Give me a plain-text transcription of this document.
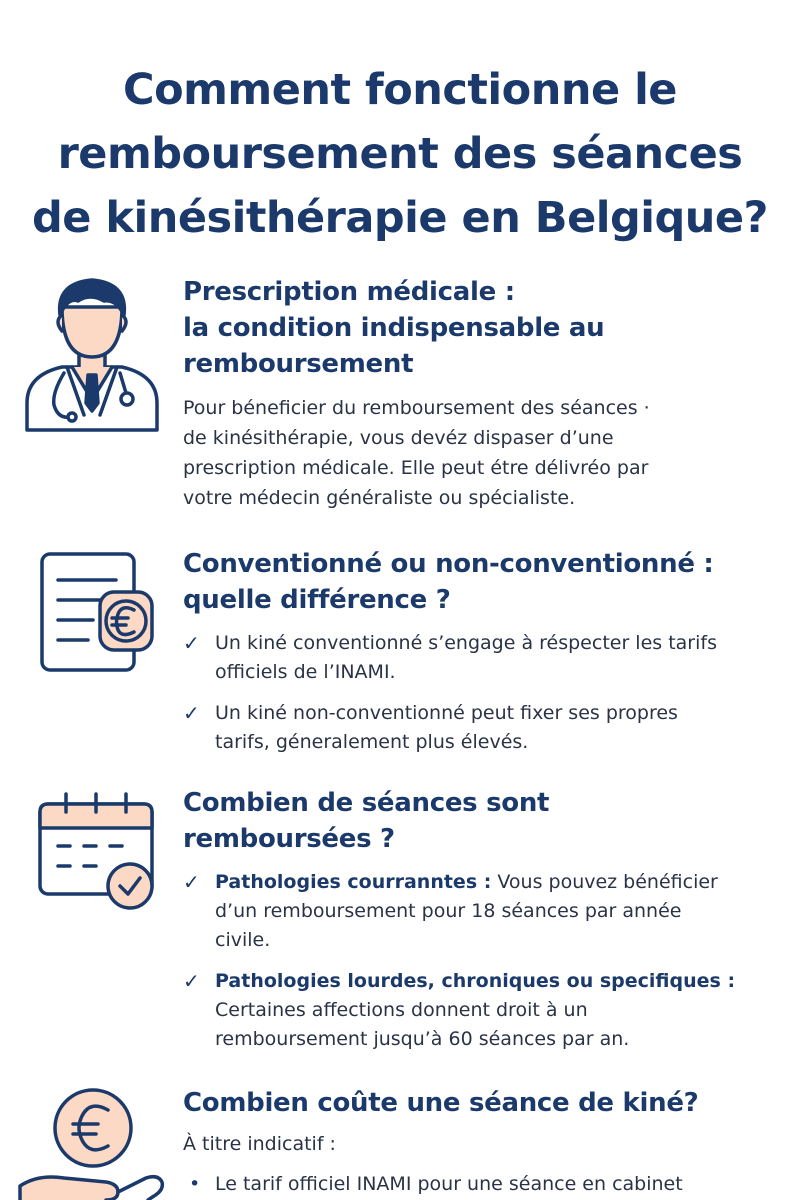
Comment fonctionne le
remboursement des séances
de kinésithérapie en Belgique?
Prescription médicale :
la condition indispensable au
remboursement

Pour béneficier du remboursement des séances ·
de kinésithérapie, vous devéz dispaser d’une
prescription médicale. Elle peut étre délivréo par
votre médecin généraliste ou spécialiste.

Conventionné ou non-conventionné :
quelle différence ?
✓ Un kiné conventionné s’engage à réspecter les tarifs
officiels de l’INAMI.
✓ Un kiné non-conventionné peut fixer ses propres
tarifs, géneralement plus élevés.
Combien de séances sont
remboursées ?
✓ Pathologies courranntes : Vous pouvez bénéficier
d’un remboursement pour 18 séances par année
civile.
✓ Pathologies lourdes, chroniques ou specifiques :
Certaines affections donnent droit à un
remboursement jusqu’à 60 séances par an.
Combien coûte une séance de kiné?

À titre indicatif :

• Le tarif officiel INAMI pour une séance en cabinet
